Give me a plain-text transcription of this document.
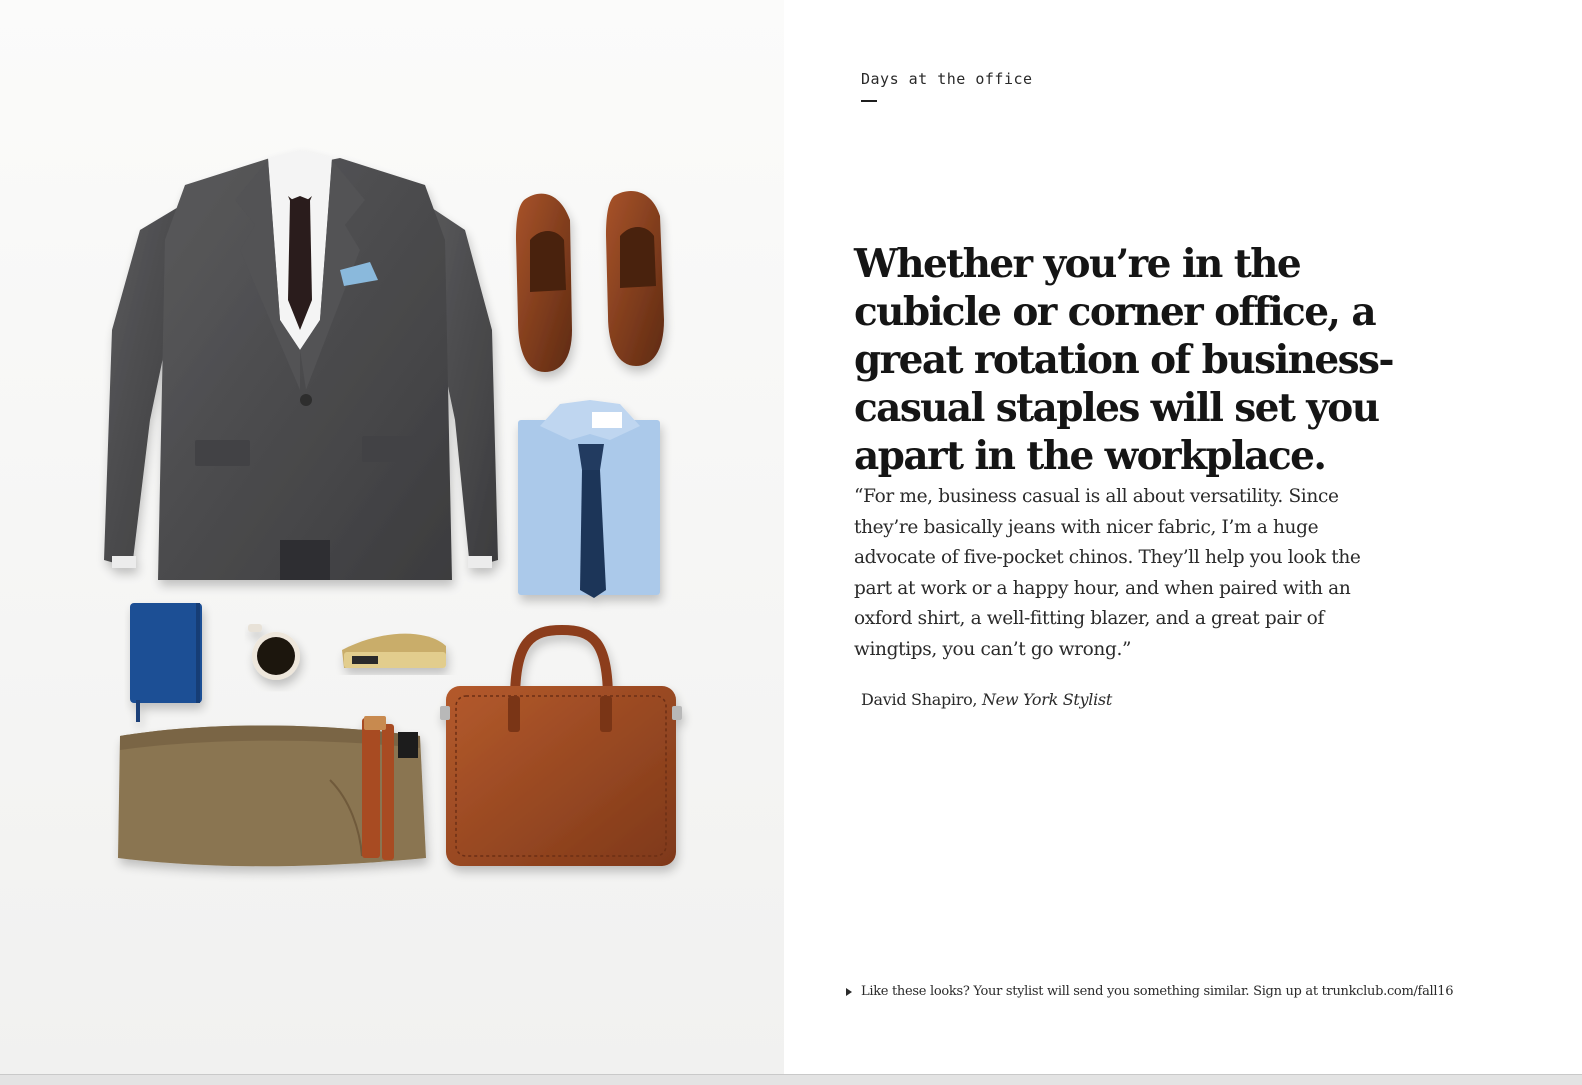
Days at the office
Whether you’re in the cubicle or corner office, a great rotation of business-casual staples will set you apart in the workplace.

“For me, business casual is all about versatility. Since they’re basically jeans with nicer fabric, I’m a huge advocate of five-pocket chinos. They’ll help you look the part at work or a happy hour, and when paired with an oxford shirt, a well-fitting blazer, and a great pair of wingtips, you can’t go wrong.”

David Shapiro, New York Stylist
Like these looks? Your stylist will send you something similar. Sign up at trunkclub.com/fall16
